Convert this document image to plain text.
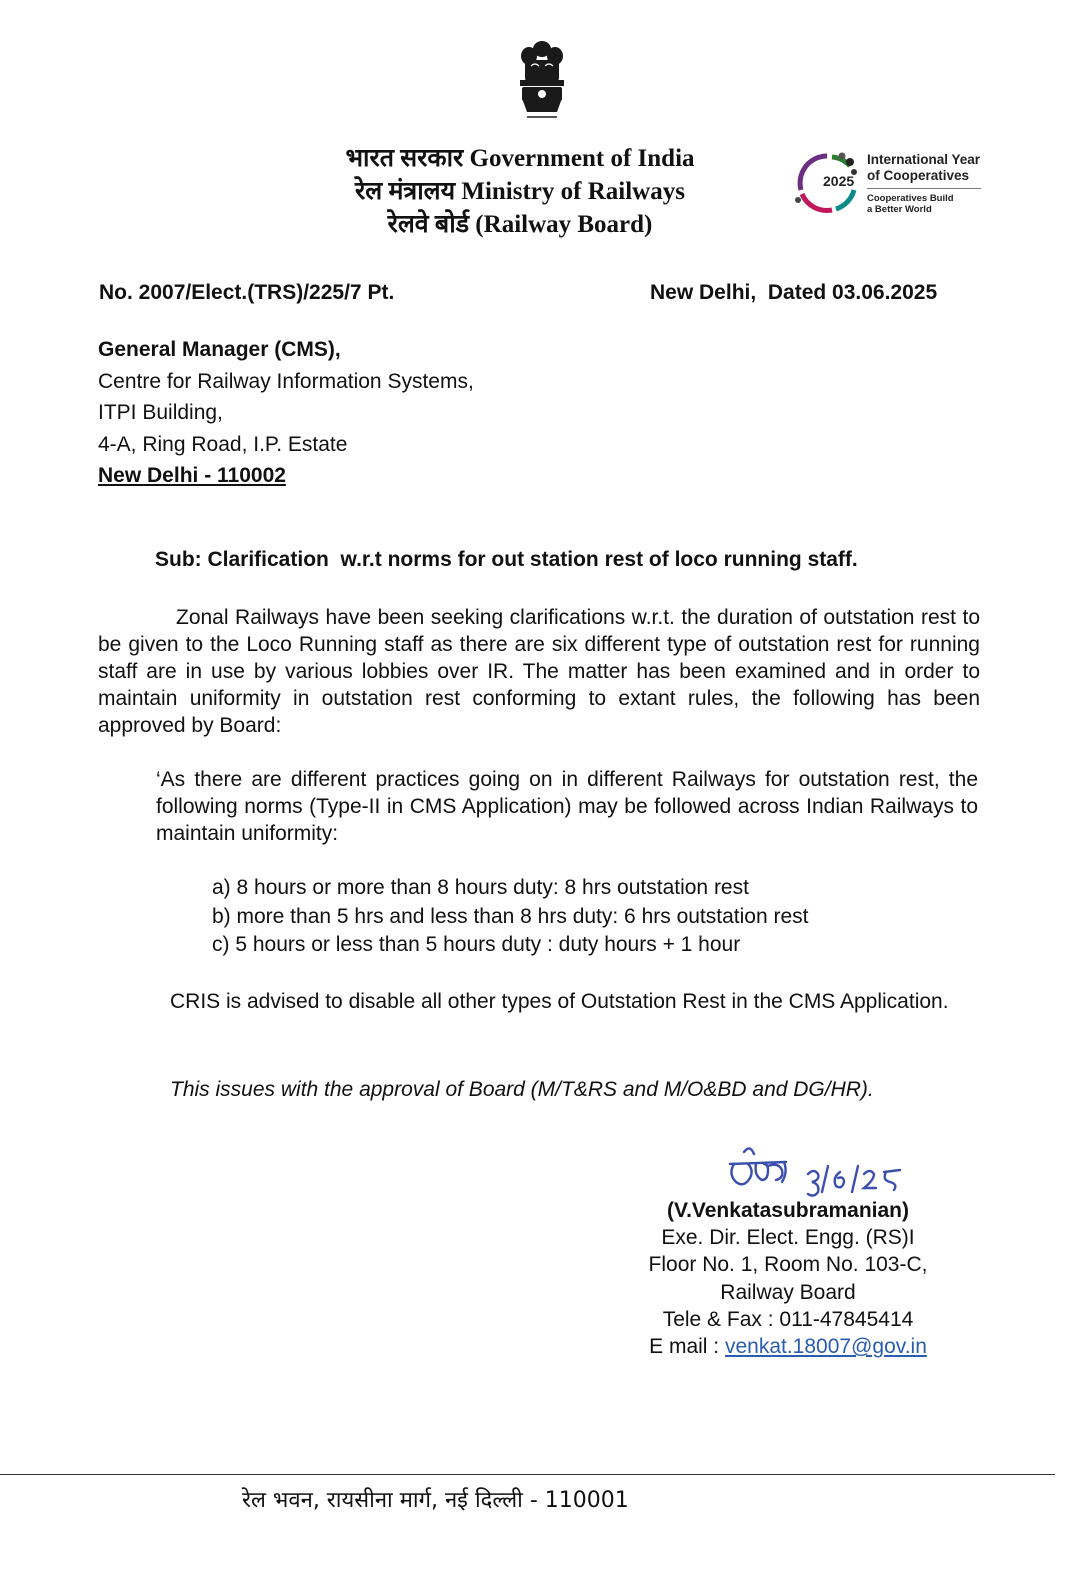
भारत सरकार Government of India
रेल मंत्रालय Ministry of Railways
रेलवे बोर्ड (Railway Board)
2025
International Year
of Cooperatives
Cooperatives Build
a Better World
No. 2007/Elect.(TRS)/225/7 Pt.	New Delhi,  Dated 03.06.2025
General Manager (CMS),
Centre for Railway Information Systems,
ITPI Building,
4-A, Ring Road, I.P. Estate
New Delhi - 110002
Sub: Clarification  w.r.t norms for out station rest of loco running staff.
Zonal Railways have been seeking clarifications w.r.t. the duration of outstation rest to be given to the Loco Running staff as there are six different type of outstation rest for running staff are in use by various lobbies over IR. The matter has been examined and in order to maintain uniformity in outstation rest conforming to extant rules, the following has been approved by Board:
‘As there are different practices going on in different Railways for outstation rest, the following norms (Type-II in CMS Application) may be followed across Indian Railways to maintain uniformity:
a) 8 hours or more than 8 hours duty: 8 hrs outstation rest
b) more than 5 hrs and less than 8 hrs duty: 6 hrs outstation rest
c) 5 hours or less than 5 hours duty : duty hours + 1 hour
CRIS is advised to disable all other types of Outstation Rest in the CMS Application.
This issues with the approval of Board (M/T&RS and M/O&BD and DG/HR).
(V.Venkatasubramanian)
Exe. Dir. Elect. Engg. (RS)I
Floor No. 1, Room No. 103-C,
Railway Board
Tele & Fax : 011-47845414
E mail : venkat.18007@gov.in
रेल भवन, रायसीना मार्ग, नई दिल्ली - 110001
